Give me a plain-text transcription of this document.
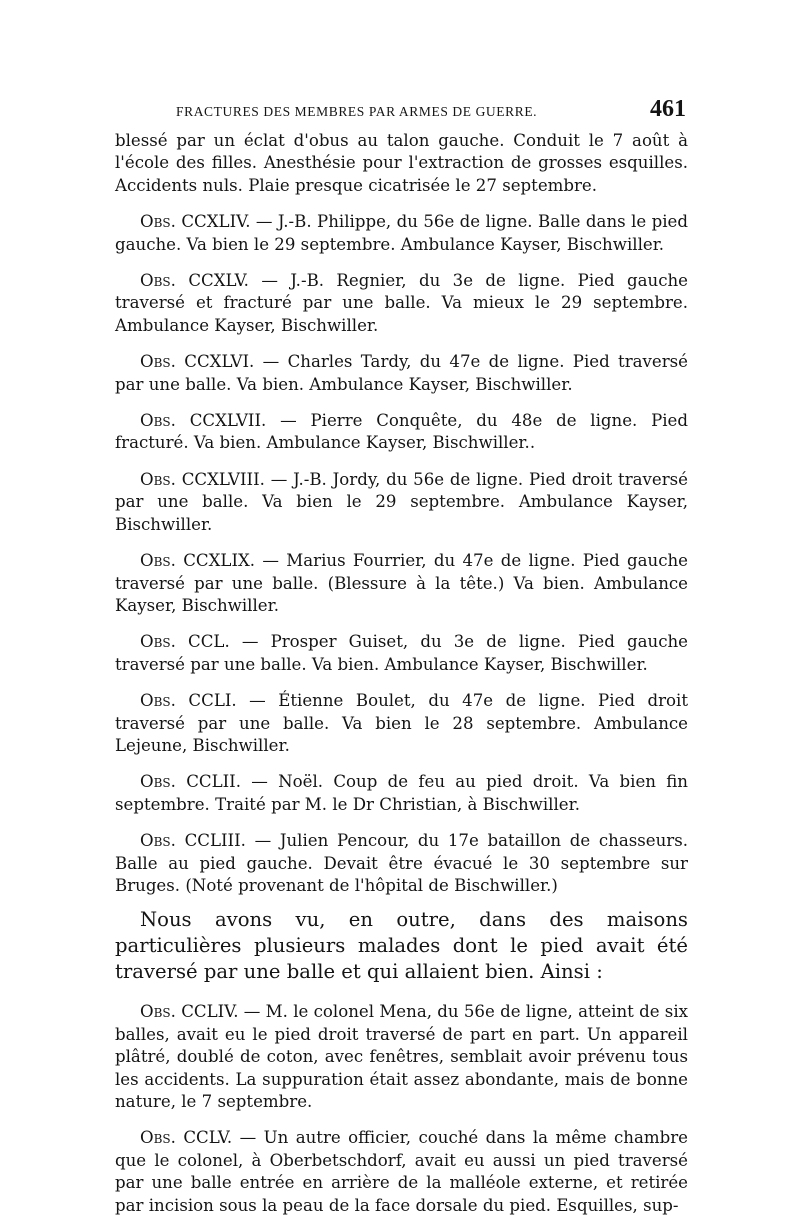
FRACTURES DES MEMBRES PAR ARMES DE GUERRE.	461

blessé par un éclat d'obus au talon gauche. Conduit le 7 août à l'école des filles. Anesthésie pour l'extraction de grosses esquilles. Accidents nuls. Plaie presque cicatrisée le 27 septembre.

Obs. CCXLIV. — J.-B. Philippe, du 56e de ligne. Balle dans le pied gauche. Va bien le 29 septembre. Ambulance Kayser, Bischwiller.

Obs. CCXLV. — J.-B. Regnier, du 3e de ligne. Pied gauche traversé et fracturé par une balle. Va mieux le 29 septembre. Ambulance Kayser, Bischwiller.

Obs. CCXLVI. — Charles Tardy, du 47e de ligne. Pied traversé par une balle. Va bien. Ambulance Kayser, Bischwiller.

Obs. CCXLVII. — Pierre Conquête, du 48e de ligne. Pied fracturé. Va bien. Ambulance Kayser, Bischwiller..

Obs. CCXLVIII. — J.-B. Jordy, du 56e de ligne. Pied droit traversé par une balle. Va bien le 29 septembre. Ambulance Kayser, Bischwiller.

Obs. CCXLIX. — Marius Fourrier, du 47e de ligne. Pied gauche traversé par une balle. (Blessure à la tête.) Va bien. Ambulance Kayser, Bischwiller.

Obs. CCL. — Prosper Guiset, du 3e de ligne. Pied gauche traversé par une balle. Va bien. Ambulance Kayser, Bischwiller.

Obs. CCLI. — Étienne Boulet, du 47e de ligne. Pied droit traversé par une balle. Va bien le 28 septembre. Ambulance Lejeune, Bischwiller.

Obs. CCLII. — Noël. Coup de feu au pied droit. Va bien fin septembre. Traité par M. le Dr Christian, à Bischwiller.

Obs. CCLIII. — Julien Pencour, du 17e bataillon de chasseurs. Balle au pied gauche. Devait être évacué le 30 septembre sur Bruges. (Noté provenant de l'hôpital de Bischwiller.)

Nous avons vu, en outre, dans des maisons particulières plusieurs malades dont le pied avait été traversé par une balle et qui allaient bien. Ainsi :

Obs. CCLIV. — M. le colonel Mena, du 56e de ligne, atteint de six balles, avait eu le pied droit traversé de part en part. Un appareil plâtré, doublé de coton, avec fenêtres, semblait avoir prévenu tous les accidents. La suppuration était assez abondante, mais de bonne nature, le 7 septembre.

Obs. CCLV. — Un autre officier, couché dans la même chambre que le colonel, à Oberbetschdorf, avait eu aussi un pied traversé par une balle entrée en arrière de la malléole externe, et retirée par incision sous la peau de la face dorsale du pied. Esquilles, sup-
